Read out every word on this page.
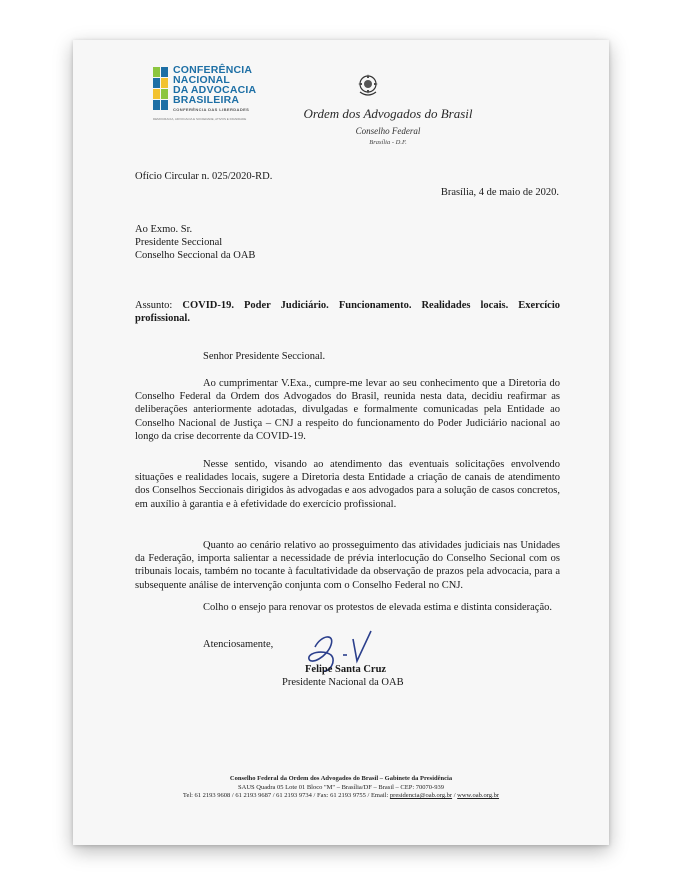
CONFERÊNCIA
NACIONAL
DA ADVOCACIA
BRASILEIRA
CONFERÊNCIA DAS LIBERDADES
DEMOCRACIA, ADVOCACIA E SOCIEDADE, ATIVOS E DIGNIDADE	Ordem dos Advogados do Brasil
Conselho Federal
Brasília - D.F.
Ofício Circular n. 025/2020-RD.
Brasília, 4 de maio de 2020.
Ao Exmo. Sr.
Presidente Seccional
Conselho Seccional da OAB
Assunto: COVID-19. Poder Judiciário. Funcionamento. Realidades locais. Exercício profissional.
Senhor Presidente Seccional.
Ao cumprimentar V.Exa., cumpre-me levar ao seu conhecimento que a Diretoria do Conselho Federal da Ordem dos Advogados do Brasil, reunida nesta data, decidiu reafirmar as deliberações anteriormente adotadas, divulgadas e formalmente comunicadas pela Entidade ao Conselho Nacional de Justiça – CNJ a respeito do funcionamento do Poder Judiciário nacional ao longo da crise decorrente da COVID-19.
Nesse sentido, visando ao atendimento das eventuais solicitações envolvendo situações e realidades locais, sugere a Diretoria desta Entidade a criação de canais de atendimento dos Conselhos Seccionais dirigidos às advogadas e aos advogados para a solução de casos concretos, em auxílio à garantia e à efetividade do exercício profissional.
Quanto ao cenário relativo ao prosseguimento das atividades judiciais nas Unidades da Federação, importa salientar a necessidade de prévia interlocução do Conselho Secional com os tribunais locais, também no tocante à facultatividade da observação de prazos pela advocacia, para a subsequente análise de intervenção conjunta com o Conselho Federal no CNJ.
Colho o ensejo para renovar os protestos de elevada estima e distinta consideração.
Atenciosamente,
Felipe Santa Cruz
Presidente Nacional da OAB
Conselho Federal da Ordem dos Advogados do Brasil – Gabinete da Presidência
SAUS Quadra 05 Lote 01 Bloco "M" – Brasília/DF – Brasil – CEP: 70070-939
Tel: 61 2193 9608 / 61 2193 9687 / 61 2193 9734 / Fax: 61 2193 9755 / Email: presidencia@oab.org.br / www.oab.org.br
